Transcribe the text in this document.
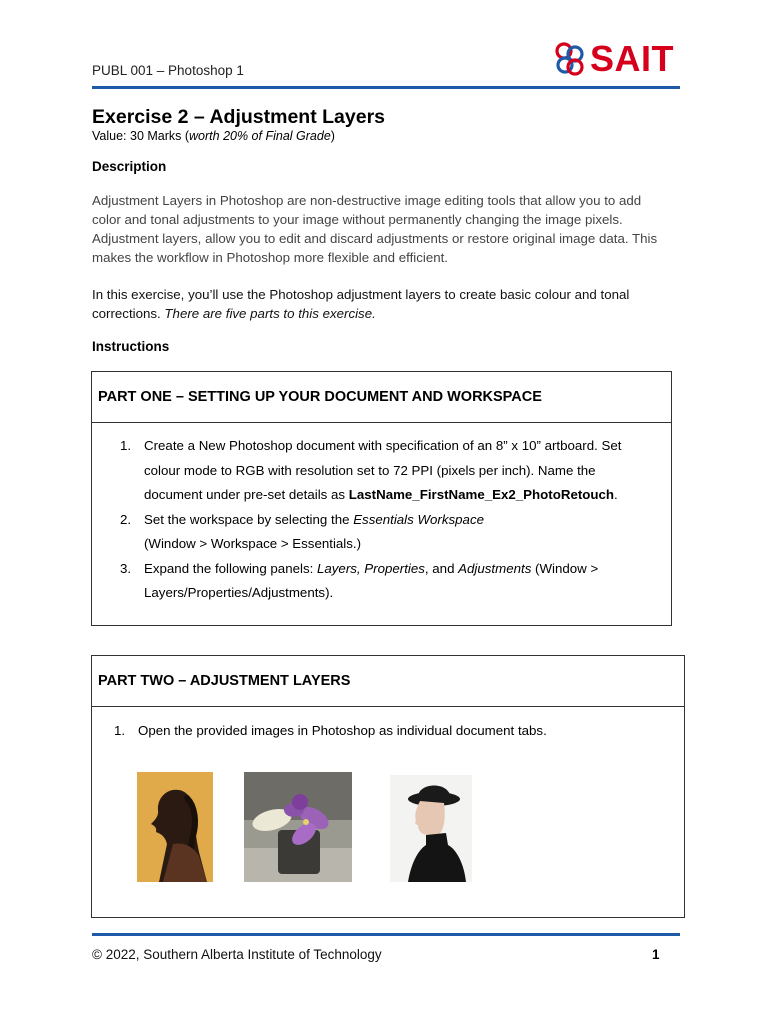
PUBL 001 – Photoshop 1	SAIT
Exercise 2 – Adjustment Layers
Value: 30 Marks (worth 20% of Final Grade)
Description
Adjustment Layers in Photoshop are non-destructive image editing tools that allow you to add color and tonal adjustments to your image without permanently changing the image pixels. Adjustment layers, allow you to edit and discard adjustments or restore original image data. This makes the workflow in Photoshop more flexible and efficient.
In this exercise, you’ll use the Photoshop adjustment layers to create basic colour and tonal corrections. There are five parts to this exercise.
Instructions
PART ONE – SETTING UP YOUR DOCUMENT AND WORKSPACE
1. Create a New Photoshop document with specification of an 8” x 10” artboard. Set colour mode to RGB with resolution set to 72 PPI (pixels per inch). Name the document under pre-set details as LastName_FirstName_Ex2_PhotoRetouch.
2. Set the workspace by selecting the Essentials Workspace
(Window > Workspace > Essentials.)
3. Expand the following panels: Layers, Properties, and Adjustments (Window > Layers/Properties/Adjustments).
PART TWO – ADJUSTMENT LAYERS
1. Open the provided images in Photoshop as individual document tabs.
© 2022, Southern Alberta Institute of Technology	1
